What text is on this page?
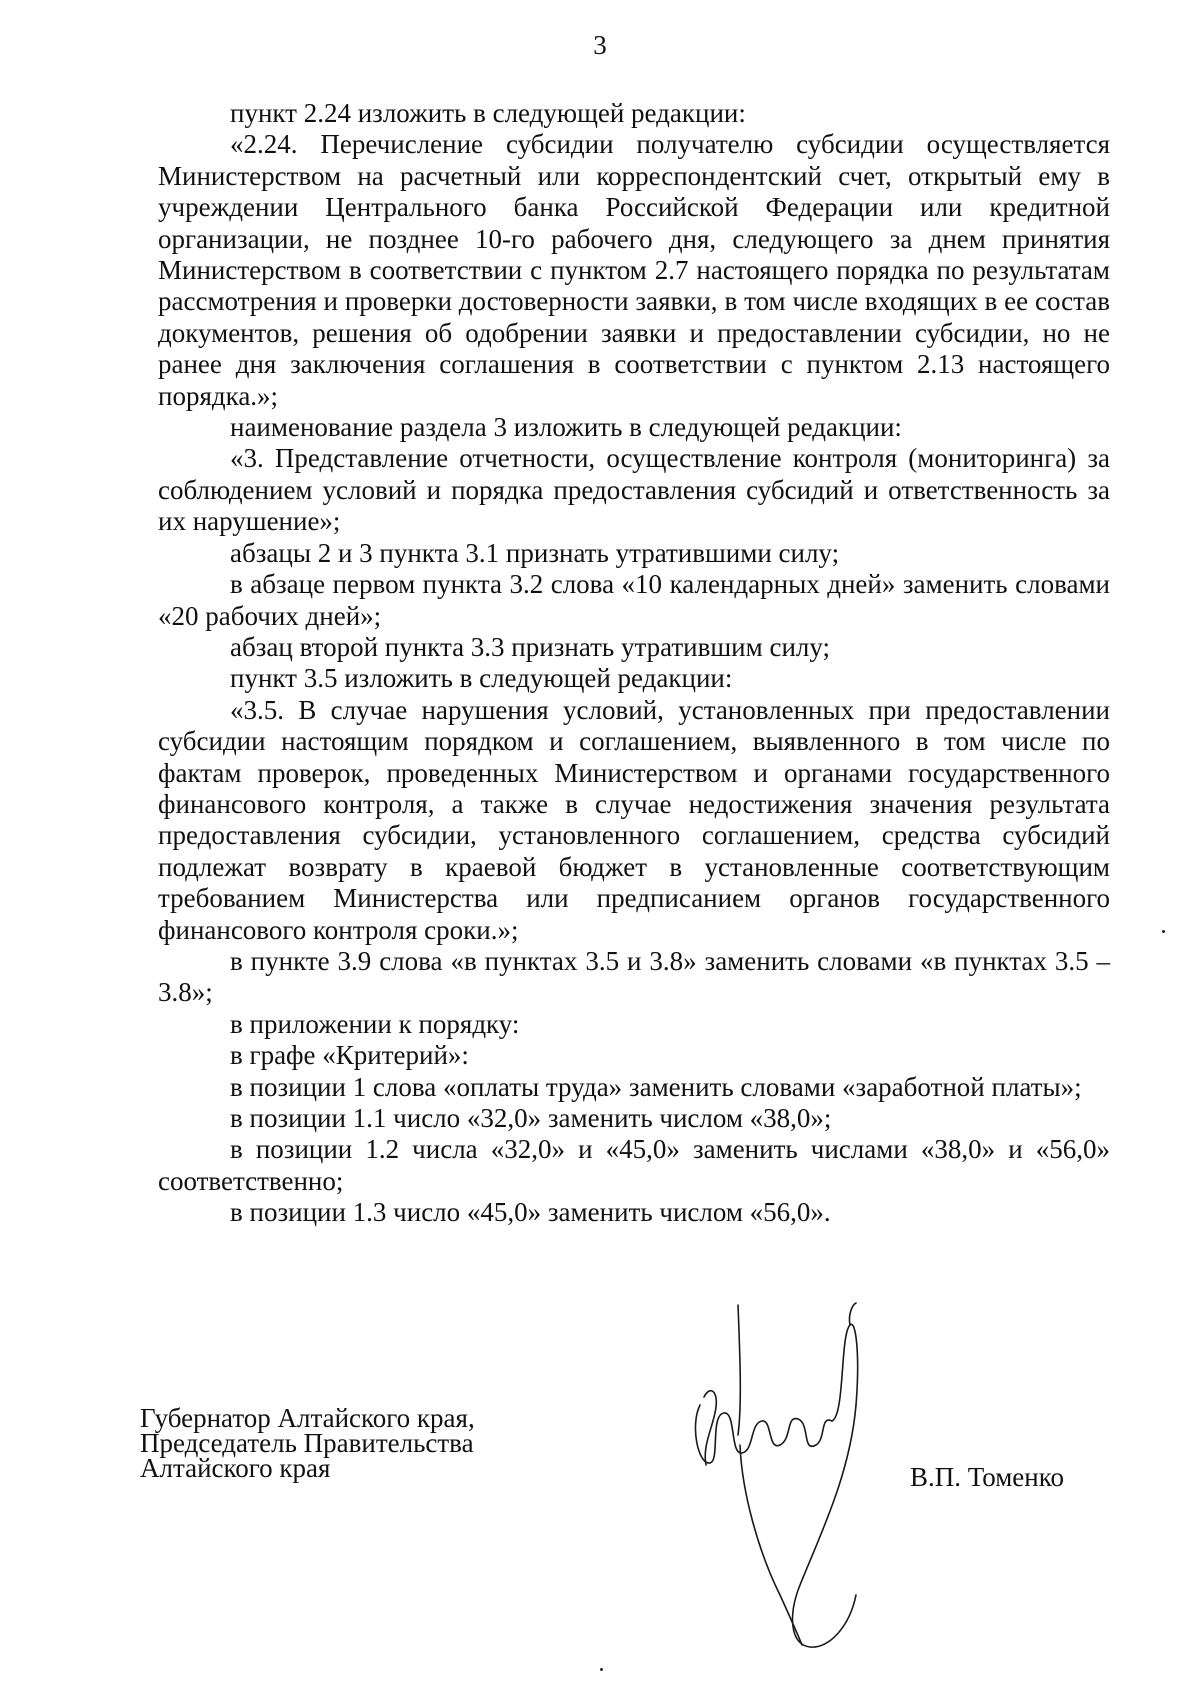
3

пункт 2.24 изложить в следующей редакции:

«2.24. Перечисление субсидии получателю субсидии осуществляется Министерством на расчетный или корреспондентский счет, открытый ему в учреждении Центрального банка Российской Федерации или кредитной организации, не позднее 10-го рабочего дня, следующего за днем принятия Министерством в соответствии с пунктом 2.7 настоящего порядка по результатам рассмотрения и проверки достоверности заявки, в том числе входящих в ее состав документов, решения об одобрении заявки и предоставлении субсидии, но не ранее дня заключения соглашения в соответствии с пунктом 2.13 настоящего порядка.»;

наименование раздела 3 изложить в следующей редакции:

«3. Представление отчетности, осуществление контроля (мониторинга) за соблюдением условий и порядка предоставления субсидий и ответственность за их нарушение»;

абзацы 2 и 3 пункта 3.1 признать утратившими силу;

в абзаце первом пункта 3.2 слова «10 календарных дней» заменить словами «20 рабочих дней»;

абзац второй пункта 3.3 признать утратившим силу;

пункт 3.5 изложить в следующей редакции:

«3.5. В случае нарушения условий, установленных при предоставлении субсидии настоящим порядком и соглашением, выявленного в том числе по фактам проверок, проведенных Министерством и органами государственного финансового контроля, а также в случае недостижения значения результата предоставления субсидии, установленного соглашением, средства субсидий подлежат возврату в краевой бюджет в установленные соответствующим требованием Министерства или предписанием органов государственного финансового контроля сроки.»;

в пункте 3.9 слова «в пунктах 3.5 и 3.8» заменить словами «в пунктах 3.5 – 3.8»;

в приложении к порядку:

в графе «Критерий»:

в позиции 1 слова «оплаты труда» заменить словами «заработной платы»;

в позиции 1.1 число «32,0» заменить числом «38,0»;

в позиции 1.2 числа «32,0» и «45,0» заменить числами «38,0» и «56,0» соответственно;

в позиции 1.3 число «45,0» заменить числом «56,0».

Губернатор Алтайского края,
Председатель Правительства
Алтайского края	В.П. Томенко
